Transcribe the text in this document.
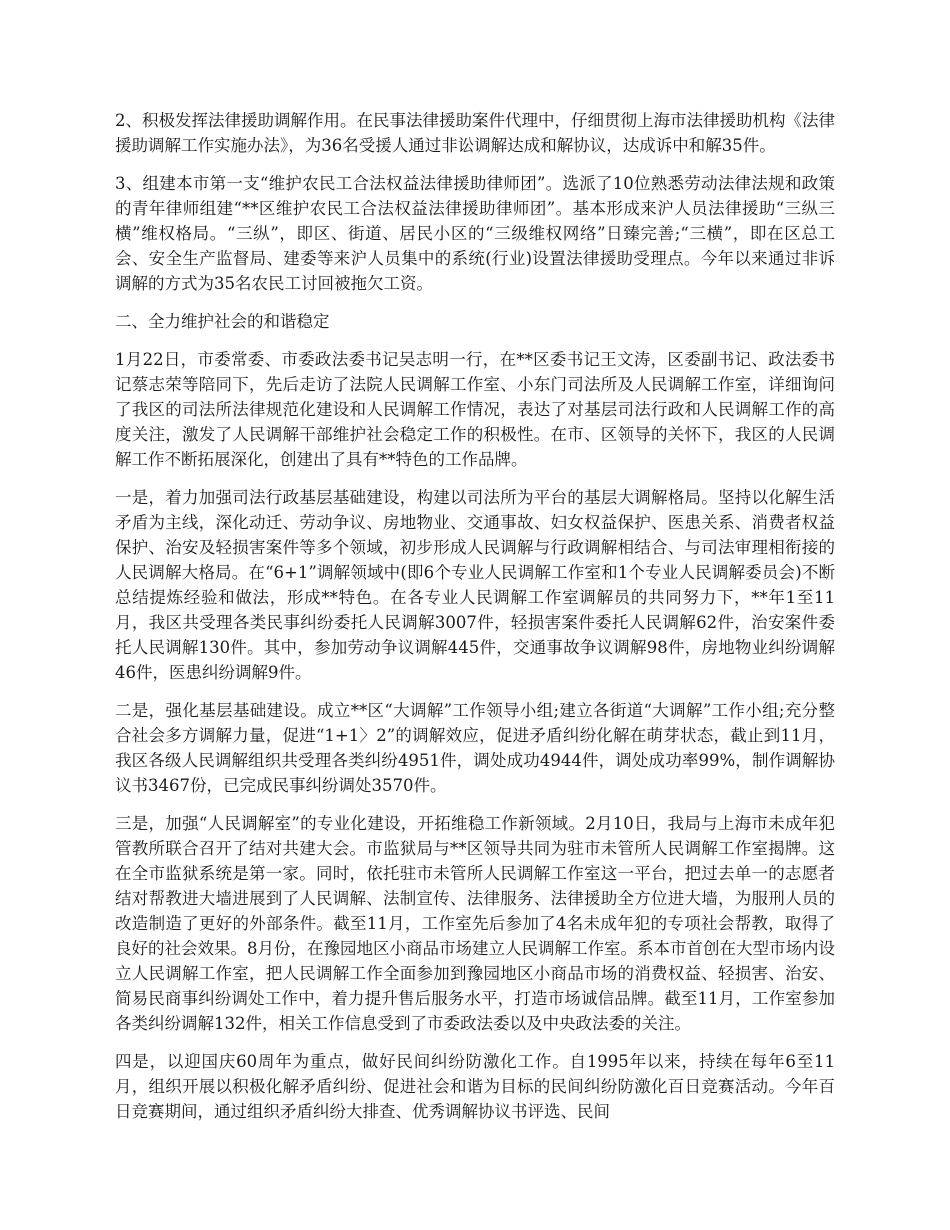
2、积极发挥法律援助调解作用。在民事法律援助案件代理中，仔细贯彻上海市法律援助机构《法律援助调解工作实施办法》，为36名受援人通过非讼调解达成和解协议，达成诉中和解35件。

3、组建本市第一支“维护农民工合法权益法律援助律师团”。选派了10位熟悉劳动法律法规和政策的青年律师组建“**区维护农民工合法权益法律援助律师团”。基本形成来沪人员法律援助“三纵三横”维权格局。“三纵”，即区、街道、居民小区的“三级维权网络”日臻完善;“三横”，即在区总工会、安全生产监督局、建委等来沪人员集中的系统(行业)设置法律援助受理点。今年以来通过非诉调解的方式为35名农民工讨回被拖欠工资。

二、全力维护社会的和谐稳定

1月22日，市委常委、市委政法委书记吴志明一行，在**区委书记王文涛，区委副书记、政法委书记蔡志荣等陪同下，先后走访了法院人民调解工作室、小东门司法所及人民调解工作室，详细询问了我区的司法所法律规范化建设和人民调解工作情况，表达了对基层司法行政和人民调解工作的高度关注，激发了人民调解干部维护社会稳定工作的积极性。在市、区领导的关怀下，我区的人民调解工作不断拓展深化，创建出了具有**特色的工作品牌。

一是，着力加强司法行政基层基础建设，构建以司法所为平台的基层大调解格局。坚持以化解生活矛盾为主线，深化动迁、劳动争议、房地物业、交通事故、妇女权益保护、医患关系、消费者权益保护、治安及轻损害案件等多个领域，初步形成人民调解与行政调解相结合、与司法审理相衔接的人民调解大格局。在“6+1”调解领域中(即6个专业人民调解工作室和1个专业人民调解委员会)不断总结提炼经验和做法，形成**特色。在各专业人民调解工作室调解员的共同努力下，**年1至11月，我区共受理各类民事纠纷委托人民调解3007件，轻损害案件委托人民调解62件，治安案件委托人民调解130件。其中，参加劳动争议调解445件，交通事故争议调解98件，房地物业纠纷调解46件，医患纠纷调解9件。

二是，强化基层基础建设。成立**区“大调解”工作领导小组;建立各街道“大调解”工作小组;充分整合社会多方调解力量，促进“1+1〉2”的调解效应，促进矛盾纠纷化解在萌芽状态，截止到11月，我区各级人民调解组织共受理各类纠纷4951件，调处成功4944件，调处成功率99%，制作调解协议书3467份，已完成民事纠纷调处3570件。

三是，加强“人民调解室”的专业化建设，开拓维稳工作新领域。2月10日，我局与上海市未成年犯管教所联合召开了结对共建大会。市监狱局与**区领导共同为驻市未管所人民调解工作室揭牌。这在全市监狱系统是第一家。同时，依托驻市未管所人民调解工作室这一平台，把过去单一的志愿者结对帮教进大墙进展到了人民调解、法制宣传、法律服务、法律援助全方位进大墙，为服刑人员的改造制造了更好的外部条件。截至11月，工作室先后参加了4名未成年犯的专项社会帮教，取得了良好的社会效果。8月份，在豫园地区小商品市场建立人民调解工作室。系本市首创在大型市场内设立人民调解工作室，把人民调解工作全面参加到豫园地区小商品市场的消费权益、轻损害、治安、简易民商事纠纷调处工作中，着力提升售后服务水平，打造市场诚信品牌。截至11月，工作室参加各类纠纷调解132件，相关工作信息受到了市委政法委以及中央政法委的关注。

四是，以迎国庆60周年为重点，做好民间纠纷防激化工作。自1995年以来，持续在每年6至11月，组织开展以积极化解矛盾纠纷、促进社会和谐为目标的民间纠纷防激化百日竞赛活动。今年百日竞赛期间，通过组织矛盾纠纷大排查、优秀调解协议书评选、民间
